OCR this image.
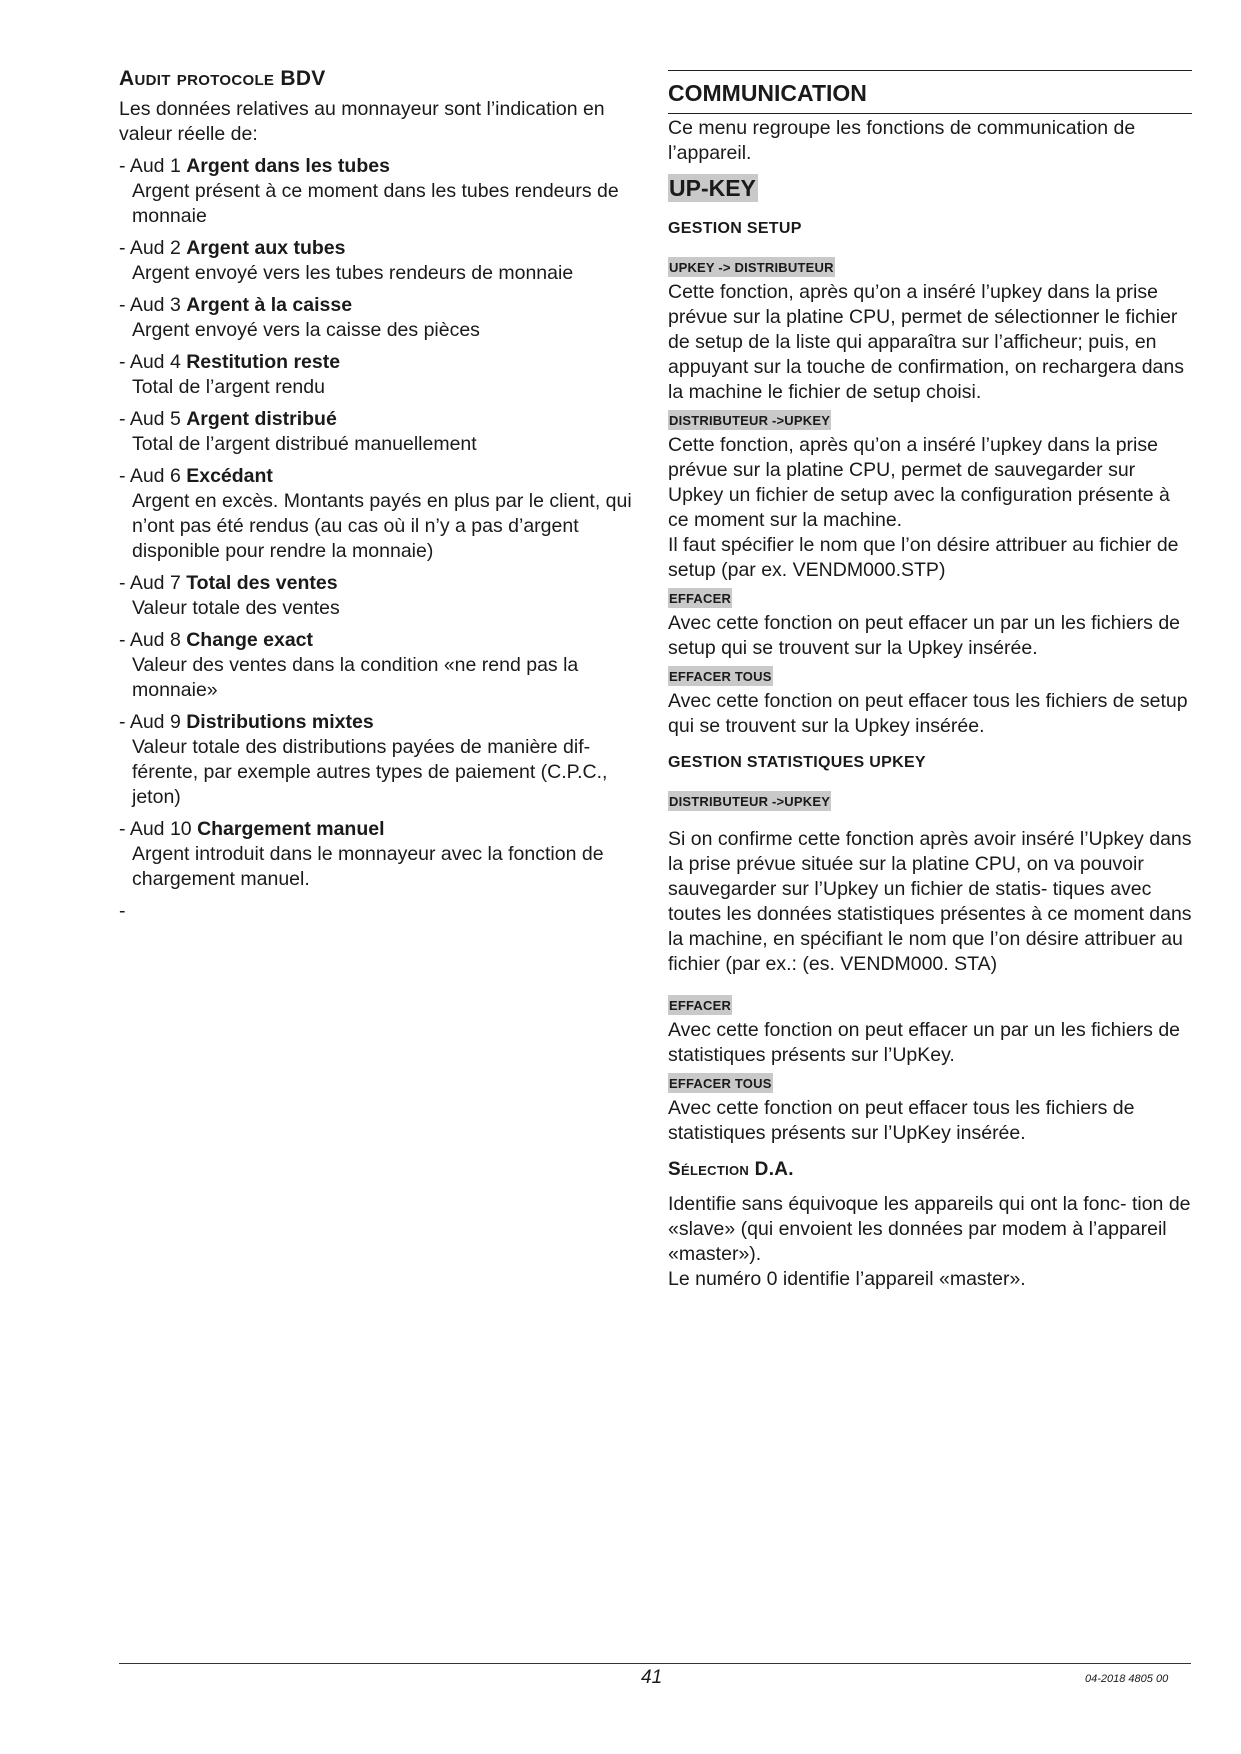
Audit protocole BDV
Les données relatives au monnayeur sont l’indication en valeur réelle de:
- Aud 1 Argent dans les tubes
Argent présent à ce moment dans les tubes rendeurs de monnaie
- Aud 2 Argent aux tubes
Argent envoyé vers les tubes rendeurs de monnaie
- Aud 3 Argent à la caisse
Argent envoyé vers la caisse des pièces
- Aud 4 Restitution reste
Total de l’argent rendu
- Aud 5 Argent distribué
Total de l’argent distribué manuellement
- Aud 6 Excédant
Argent en excès. Montants payés en plus par le client, qui n’ont pas été rendus (au cas où il n’y a pas d’argent disponible pour rendre la monnaie)
- Aud 7 Total des ventes
Valeur totale des ventes
- Aud 8 Change exact
Valeur des ventes dans la condition «ne rend pas la monnaie»
- Aud 9 Distributions mixtes
Valeur totale des distributions payées de manière dif- férente, par exemple autres types de paiement (C.P.C., jeton)
- Aud 10 Chargement manuel
Argent introduit dans le monnayeur avec la fonction de chargement manuel.
-
COMMUNICATION
Ce menu regroupe les fonctions de communication de l’appareil.
UP-KEY
GESTION SETUP
UPKEY -> DISTRIBUTEUR
Cette fonction, après qu’on a inséré l’upkey dans la prise prévue sur la platine CPU, permet de sélectionner le fichier de setup de la liste qui apparaîtra sur l’afficheur; puis, en appuyant sur la touche de confirmation, on rechargera dans la machine le fichier de setup choisi.
DISTRIBUTEUR ->UPKEY
Cette fonction, après qu’on a inséré l’upkey dans la prise prévue sur la platine CPU, permet de sauvegarder sur Upkey un fichier de setup avec la configuration présente à ce moment sur la machine.
Il faut spécifier le nom que l’on désire attribuer au fichier de setup (par ex. VENDM000.STP)
EFFACER
Avec cette fonction on peut effacer un par un les fichiers de setup qui se trouvent sur la Upkey insérée.
EFFACER TOUS
Avec cette fonction on peut effacer tous les fichiers de setup qui se trouvent sur la Upkey insérée.
GESTION STATISTIQUES UPKEY
DISTRIBUTEUR ->UPKEY
Si on confirme cette fonction après avoir inséré l’Upkey dans la prise prévue située sur la platine CPU, on va pouvoir sauvegarder sur l’Upkey un fichier de statis- tiques avec toutes les données statistiques présentes à ce moment dans la machine, en spécifiant le nom que l’on désire attribuer au fichier (par ex.: (es. VENDM000. STA)
EFFACER
Avec cette fonction on peut effacer un par un les fichiers de statistiques présents sur l’UpKey.
EFFACER TOUS
Avec cette fonction on peut effacer tous les fichiers de statistiques présents sur l’UpKey insérée.
Sélection D.A.
Identifie sans équivoque les appareils qui ont la fonc- tion de «slave» (qui envoient les données par modem à l’appareil «master»).
Le numéro 0 identifie l’appareil «master».
41	04-2018 4805 00
